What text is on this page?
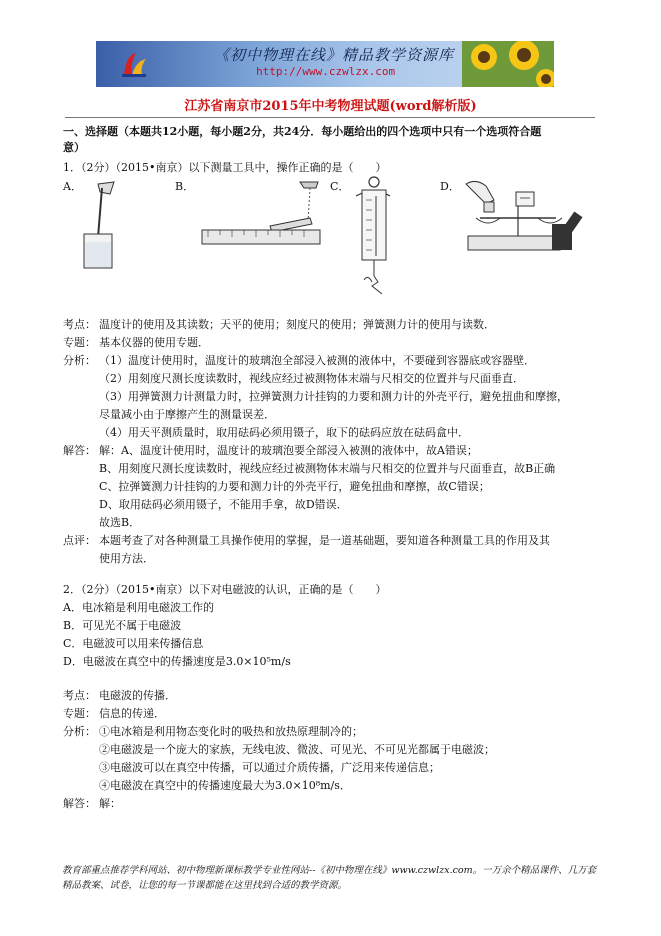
《初中物理在线》精品教学资源库
http://www.czwlzx.com
江苏省南京市2015年中考物理试题(word解析版)
一、选择题（本题共12小题，每小题2分，共24分．每小题给出的四个选项中只有一个选项符合题
意）
1．（2分）（2015•南京）以下测量工具中，操作正确的是（　　）
A．	B．	C．	D．
考点： 温度计的使用及其读数；天平的使用；刻度尺的使用；弹簧测力计的使用与读数．
专题： 基本仪器的使用专题．
分析： （1）温度计使用时，温度计的玻璃泡全部浸入被测的液体中，不要碰到容器底或容器壁．
（2）用刻度尺测长度读数时，视线应经过被测物体末端与尺相交的位置并与尺面垂直．
（3）用弹簧测力计测量力时，拉弹簧测力计挂钩的力要和测力计的外壳平行，避免扭曲和摩擦，
尽量减小由于摩擦产生的测量误差．
（4）用天平测质量时，取用砝码必须用镊子，取下的砝码应放在砝码盒中．
解答： 解：A、温度计使用时，温度计的玻璃泡要全部浸入被测的液体中，故A错误；
B、用刻度尺测长度读数时，视线应经过被测物体末端与尺相交的位置并与尺面垂直，故B正确
C、拉弹簧测力计挂钩的力要和测力计的外壳平行，避免扭曲和摩擦，故C错误；
D、取用砝码必须用镊子，不能用手拿，故D错误．
故选B．
点评： 本题考查了对各种测量工具操作使用的掌握，是一道基础题，要知道各种测量工具的作用及其
使用方法．
2．（2分）（2015•南京）以下对电磁波的认识，正确的是（　　）
A．电冰箱是利用电磁波工作的
B．可见光不属于电磁波
C．电磁波可以用来传播信息
D．电磁波在真空中的传播速度是3.0×10⁵m/s
考点： 电磁波的传播．
专题： 信息的传递．
分析： ①电冰箱是利用物态变化时的吸热和放热原理制冷的；
②电磁波是一个庞大的家族，无线电波、微波、可见光、不可见光都属于电磁波；
③电磁波可以在真空中传播，可以通过介质传播，广泛用来传递信息；
④电磁波在真空中的传播速度最大为3.0×10⁸m/s．
解答： 解：
教育部重点推荐学科网站、初中物理新课标教学专业性网站--《初中物理在线》www.czwlzx.com。一万余个精品课件、几万套精品教案、试卷，让您的每一节课都能在这里找到合适的教学资源。
